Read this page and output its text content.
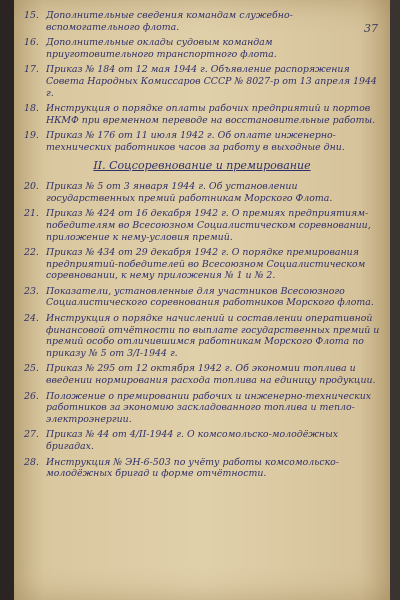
37
15. Дополнительные сведения командам служебно-вспомогательного флота.
16. Дополнительные оклады судовым командам приуготовительного транспортного флота.
17. Приказ № 184 от 12 мая 1944 г. Объявление распоряжения Совета Народных Комиссаров СССР № 8027-р от 13 апреля 1944 г.
18. Инструкция о порядке оплаты рабочих предприятий и портов НКМФ при временном переводе на восстановительные работы.
19. Приказ № 176 от 11 июля 1942 г. Об оплате инженерно-технических работников часов за работу в выходные дни.
II. Соцсоревнование и премирование
20. Приказ № 5 от 3 января 1944 г. Об установлении государственных премий работникам Морского Флота.
21. Приказ № 424 от 16 декабря 1942 г. О премиях предприятиям-победителям во Всесоюзном Социалистическом соревновании, приложение к нему-условия премий.
22. Приказ № 434 от 29 декабря 1942 г. О порядке премирования предприятий-победителей во Всесоюзном Социалистическом соревновании, к нему приложения № 1 и № 2.
23. Показатели, установленные для участников Всесоюзного Социалистического соревнования работников Морского флота.
24. Инструкция о порядке начислений и составлении оперативной финансовой отчётности по выплате государственных премий и премий особо отличившимся работникам Морского Флота по приказу № 5 от 3/I-1944 г.
25. Приказ № 295 от 12 октября 1942 г. Об экономии топлива и введении нормирования расхода топлива на единицу продукции.
26. Положение о премировании рабочих и инженерно-технических работников за экономию заскладованного топлива и тепло-электроэнергии.
27. Приказ № 44 от 4/II-1944 г. О комсомольско-молодёжных бригадах.
28. Инструкция № ЭН-6-503 по учёту работы комсомольско-молодёжных бригад и форме отчётности.
